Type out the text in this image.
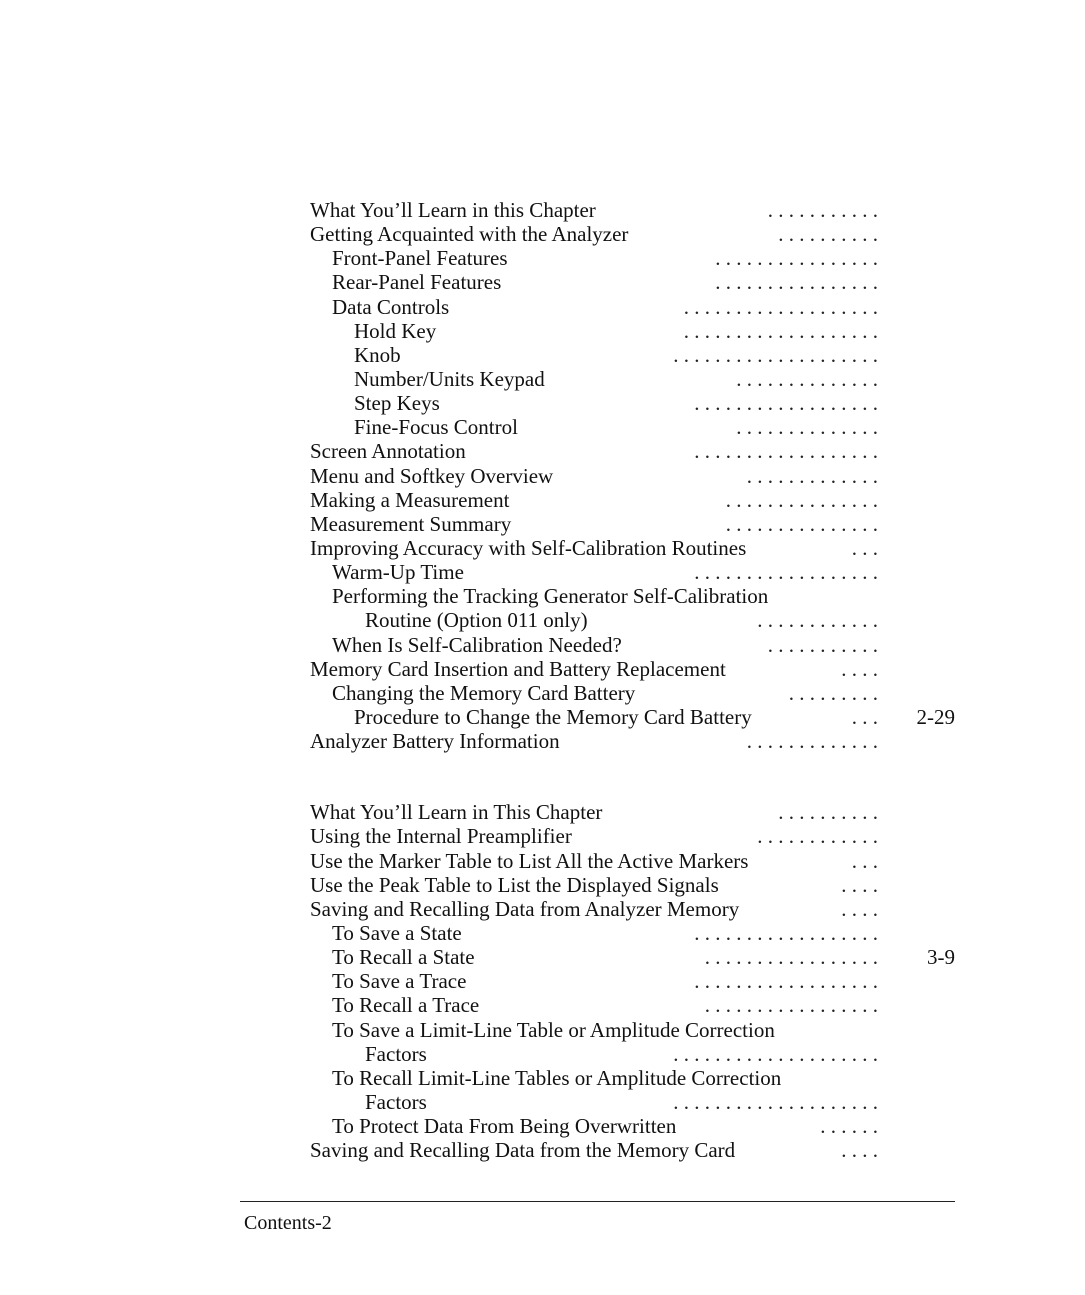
What You’ll Learn in this Chapter	. . . . . . . . . . .
Getting Acquainted with the Analyzer	. . . . . . . . . .
Front-Panel Features	. . . . . . . . . . . . . . . .
Rear-Panel Features	. . . . . . . . . . . . . . . .
Data Controls	. . . . . . . . . . . . . . . . . . .
Hold Key	. . . . . . . . . . . . . . . . . . .
Knob	. . . . . . . . . . . . . . . . . . . .
Number/Units Keypad	. . . . . . . . . . . . . .
Step Keys	. . . . . . . . . . . . . . . . . .
Fine-Focus Control	. . . . . . . . . . . . . .
Screen Annotation	. . . . . . . . . . . . . . . . . .
Menu and Softkey Overview	. . . . . . . . . . . . .
Making a Measurement	. . . . . . . . . . . . . . .
Measurement Summary	. . . . . . . . . . . . . . .
Improving Accuracy with Self-Calibration Routines	. . .
Warm-Up Time	. . . . . . . . . . . . . . . . . .
Performing the Tracking Generator Self-Calibration
Routine (Option 011 only)	. . . . . . . . . . . .
When Is Self-Calibration Needed?	. . . . . . . . . . .
Memory Card Insertion and Battery Replacement	. . . .
Changing the Memory Card Battery	. . . . . . . . .
Procedure to Change the Memory Card Battery	. . . 2-29
Analyzer Battery Information	. . . . . . . . . . . . .
What You’ll Learn in This Chapter	. . . . . . . . . .
Using the Internal Preamplifier	. . . . . . . . . . . .
Use the Marker Table to List All the Active Markers	. . .
Use the Peak Table to List the Displayed Signals	. . . .
Saving and Recalling Data from Analyzer Memory	. . . .
To Save a State	. . . . . . . . . . . . . . . . . .
To Recall a State	. . . . . . . . . . . . . . . . . 3-9
To Save a Trace	. . . . . . . . . . . . . . . . . .
To Recall a Trace	. . . . . . . . . . . . . . . . .
To Save a Limit-Line Table or Amplitude Correction
Factors	. . . . . . . . . . . . . . . . . . . .
To Recall Limit-Line Tables or Amplitude Correction
Factors	. . . . . . . . . . . . . . . . . . . .
To Protect Data From Being Overwritten	. . . . . .
Saving and Recalling Data from the Memory Card	. . . .
Contents-2
